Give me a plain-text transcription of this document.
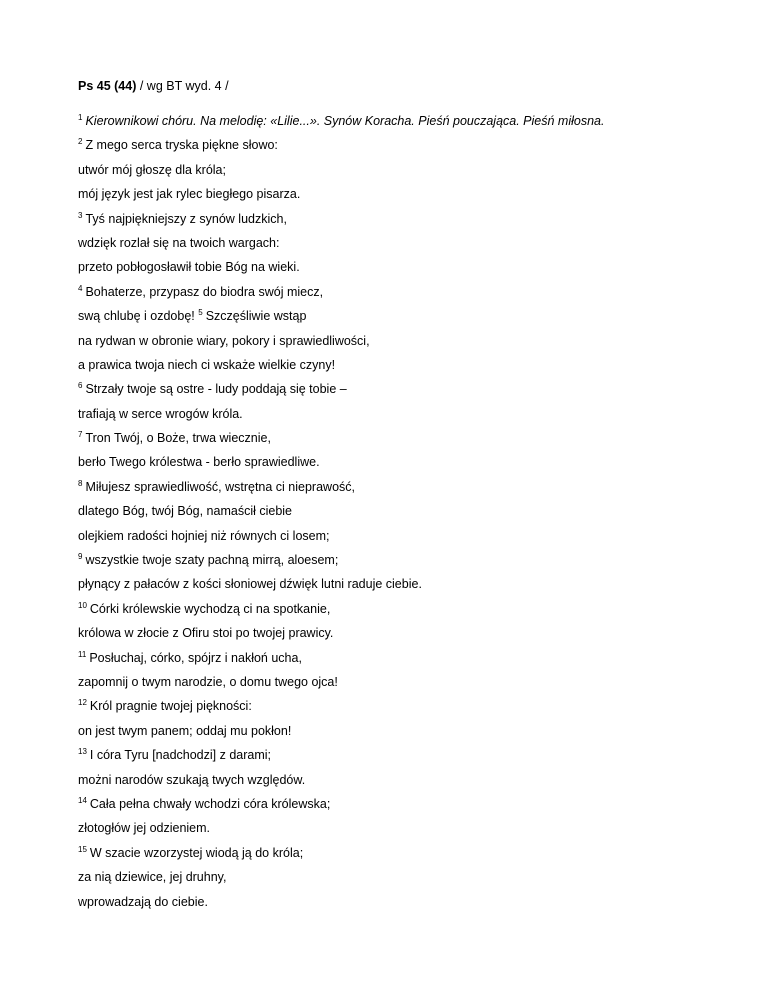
Ps 45 (44) / wg BT wyd. 4 /
$^1$ Kierownikowi chóru. Na melodię: «Lilie...». Synów Koracha. Pieśń pouczająca. Pieśń miłosna.
$^2$ Z mego serca tryska piękne słowo:
utwór mój głoszę dla króla;
mój język jest jak rylec biegłego pisarza.
$^3$ Tyś najpiękniejszy z synów ludzkich,
wdzięk rozlał się na twoich wargach:
przeto pobłogosławił tobie Bóg na wieki.
$^4$ Bohaterze, przypasz do biodra swój miecz,
swą chlubę i ozdobę! $^5$ Szczęśliwie wstąp
na rydwan w obronie wiary, pokory i sprawiedliwości,
a prawica twoja niech ci wskaże wielkie czyny!
$^6$ Strzały twoje są ostre - ludy poddają się tobie –
trafiają w serce wrogów króla.
$^7$ Tron Twój, o Boże, trwa wiecznie,
berło Twego królestwa - berło sprawiedliwe.
$^8$ Miłujesz sprawiedliwość, wstrętna ci nieprawość,
dlatego Bóg, twój Bóg, namaścił ciebie
olejkiem radości hojniej niż równych ci losem;
$^9$ wszystkie twoje szaty pachną mirrą, aloesem;
płynący z pałaców z kości słoniowej dźwięk lutni raduje ciebie.
$^{10}$ Córki królewskie wychodzą ci na spotkanie,
królowa w złocie z Ofiru stoi po twojej prawicy.
$^{11}$ Posłuchaj, córko, spójrz i nakłoń ucha,
zapomnij o twym narodzie, o domu twego ojca!
$^{12}$ Król pragnie twojej piękności:
on jest twym panem; oddaj mu pokłon!
$^{13}$ I córa Tyru [nadchodzi] z darami;
możni narodów szukają twych względów.
$^{14}$ Cała pełna chwały wchodzi córa królewska;
złotogłów jej odzieniem.
$^{15}$ W szacie wzorzystej wiodą ją do króla;
za nią dziewice, jej druhny,
wprowadzają do ciebie.
